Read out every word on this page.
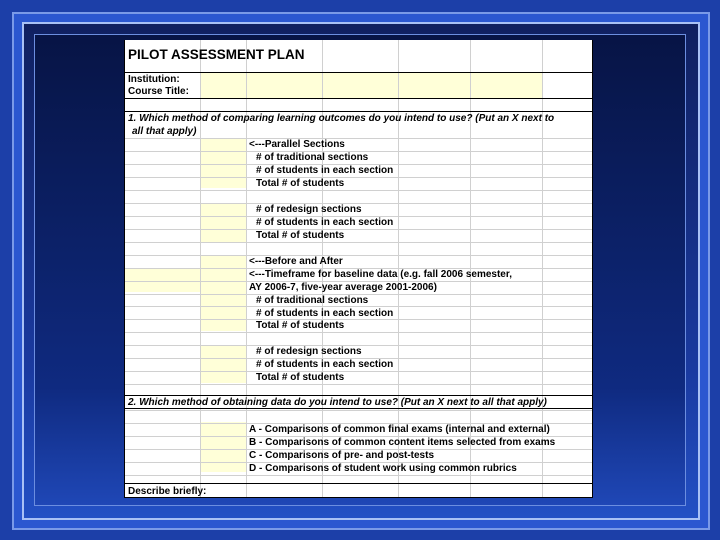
PILOT ASSESSMENT PLAN
Institution:
Course Title:
1. Which method of comparing learning outcomes do you intend to use? (Put an X next to
all that apply)
<---Parallel Sections
# of traditional sections
# of students in each section
Total # of students
# of redesign sections
# of students in each section
Total # of students
<---Before and After
<---Timeframe for baseline data (e.g. fall 2006 semester,
AY 2006-7, five-year average 2001-2006)
# of traditional sections
# of students in each section
Total # of students
# of redesign sections
# of students in each section
Total # of students
2. Which method of obtaining data do you intend to use? (Put an X next to all that apply)
A - Comparisons of common final exams (internal and external)
B - Comparisons of common content items selected from exams
C - Comparisons of pre- and post-tests
D - Comparisons of student work using common rubrics
Describe briefly:
